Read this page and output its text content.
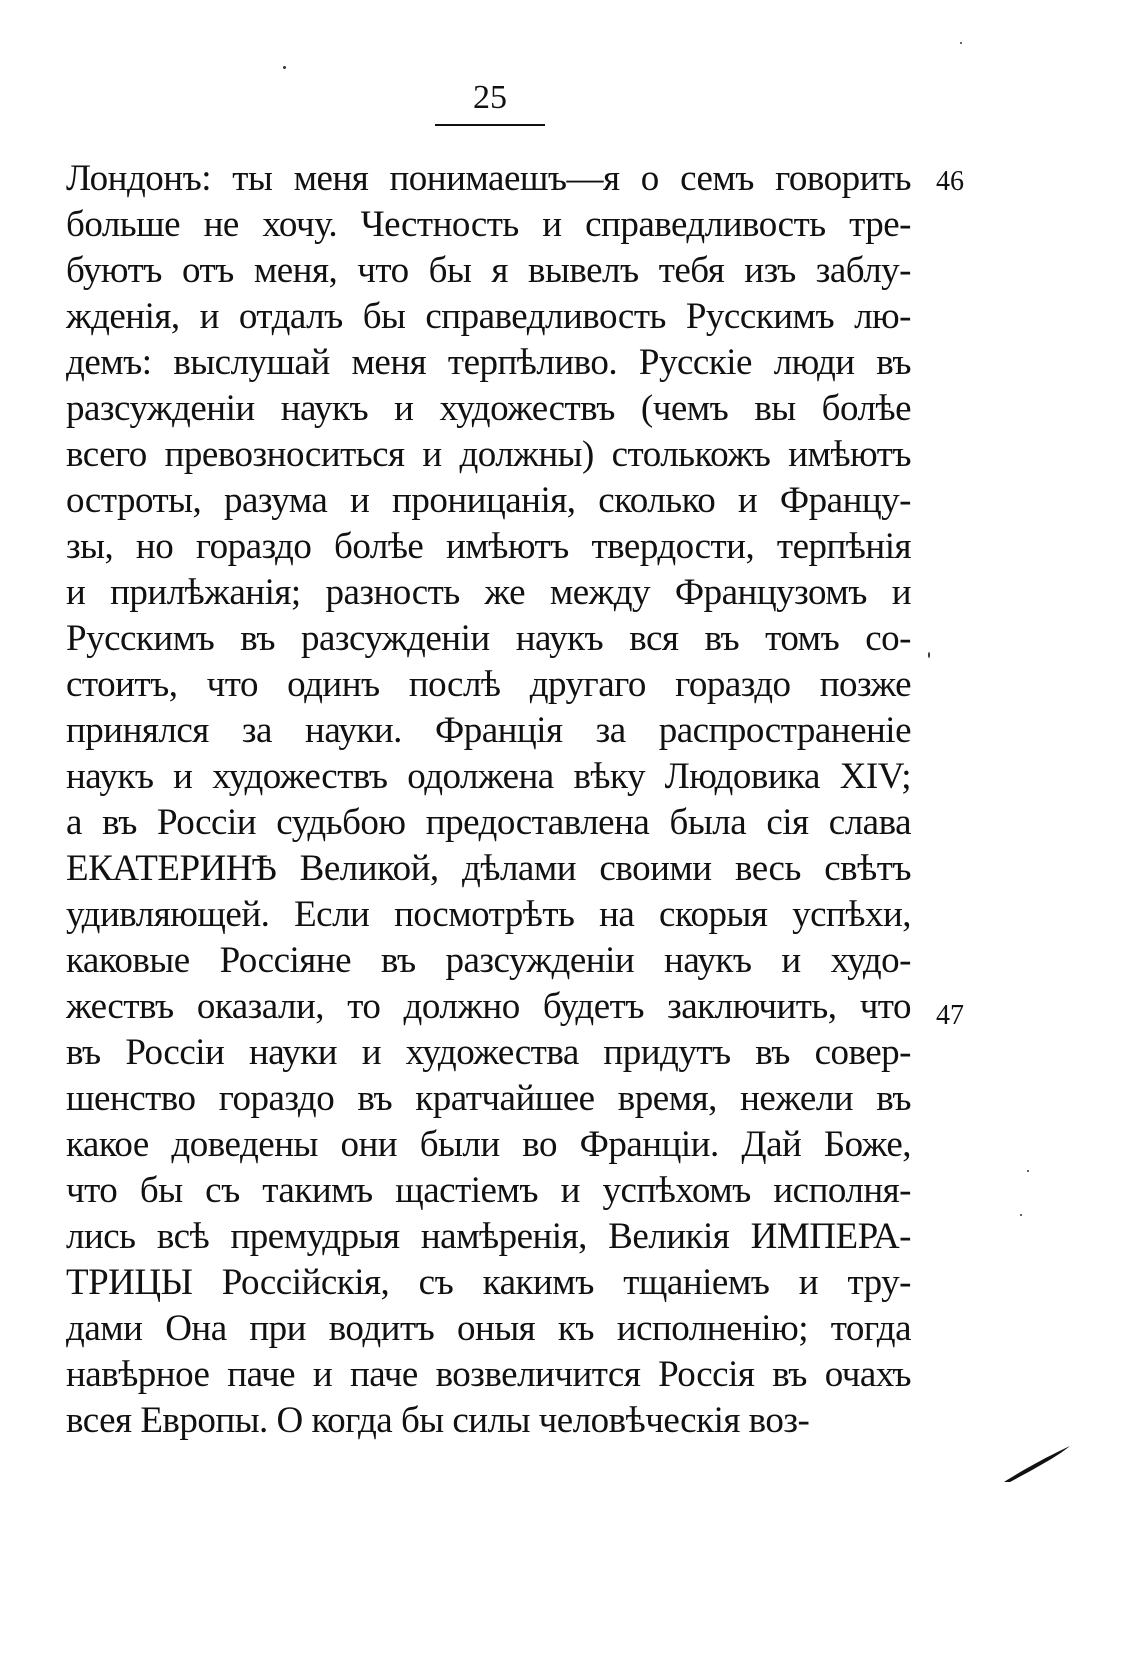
25
46
47
Лондонъ: ты меня понимаешъ—я о семъ говорить
больше не хочу. Честность и справедливость тре-
буютъ отъ меня, что бы я вывелъ тебя изъ заблу-
жденія, и отдалъ бы справедливость Русскимъ лю-
демъ: выслушай меня терпѣливо. Русскіе люди въ
разсужденіи наукъ и художествъ (чемъ вы болѣе
всего превозноситься и должны) столькожъ имѣютъ
остроты, разума и проницанія, сколько и Францу-
зы, но гораздо болѣе имѣютъ твердости, терпѣнія
и прилѣжанія; разность же между Французомъ и
Русскимъ въ разсужденіи наукъ вся въ томъ со-
стоитъ, что одинъ послѣ другаго гораздо позже
принялся за науки. Францiя за распространенiе
наукъ и художествъ одолжена вѣку Людовика XIV;
а въ Россіи судьбою предоставлена была сія слава
ЕКАТЕРИНѢ Великой, дѣлами своими весь свѣтъ
удивляющей. Если посмотрѣть на скорыя успѣхи,
каковые Россіяне въ разсужденіи наукъ и худо-
жествъ оказали, то должно будетъ заключить, что
въ Россіи науки и художества придутъ въ совер-
шенство гораздо въ кратчайшее время, нежели въ
какое доведены они были во Францiи. Дай Боже,
что бы съ такимъ щастіемъ и успѣхомъ исполня-
лись всѣ премудрыя намѣренія, Великія ИМПЕРА-
ТРИЦЫ Россійскія, съ какимъ тщаніемъ и тру-
дами Она при водитъ оныя къ исполненію; тогда
навѣрное паче и паче возвеличится Россія въ очахъ
всея Европы. О когда бы силы человѣческія воз-
